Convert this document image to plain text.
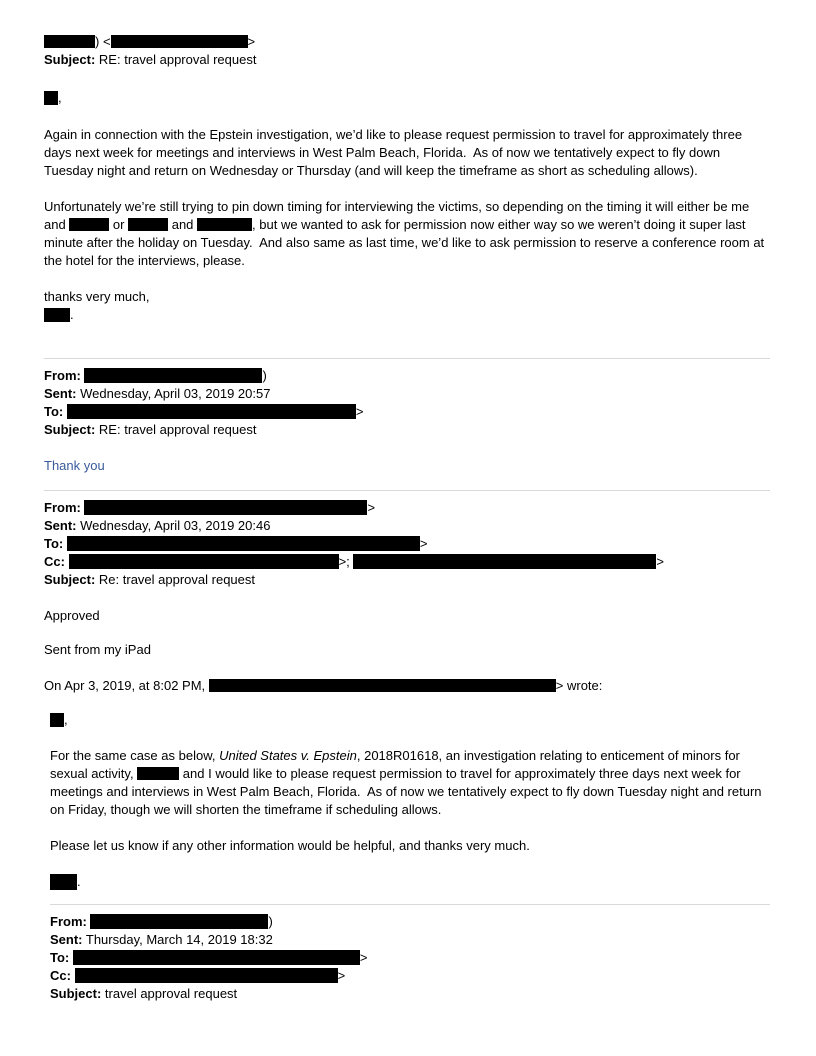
) <	>
Subject: RE: travel approval request
,

Again in connection with the Epstein investigation, we’d like to please request permission to travel for approximately three days next week for meetings and interviews in West Palm Beach, Florida.  As of now we tentatively expect to fly down Tuesday night and return on Wednesday or Thursday (and will keep the timeframe as short as scheduling allows).

Unfortunately we’re still trying to pin down timing for interviewing the victims, so depending on the timing it will either be me and	or	and	, but we wanted to ask for permission now either way so we weren’t doing it super last minute after the holiday on Tuesday.  And also same as last time, we’d like to ask permission to reserve a conference room at the hotel for the interviews, please.

thanks very much,

.
From:	)
Sent: Wednesday, April 03, 2019 20:57
To:	>
Subject: RE: travel approval request

Thank you

From:	>
Sent: Wednesday, April 03, 2019 20:46
To:	>
Cc:	>;	>
Subject: Re: travel approval request

Approved

Sent from my iPad

On Apr 3, 2019, at 8:02 PM,	> wrote:

,

For the same case as below, United States v. Epstein, 2018R01618, an investigation relating to enticement of minors for sexual activity,	and I would like to please request permission to travel for approximately three days next week for meetings and interviews in West Palm Beach, Florida.  As of now we tentatively expect to fly down Tuesday night and return on Friday, though we will shorten the timeframe if scheduling allows.

Please let us know if any other information would be helpful, and thanks very much.

.
From:	)
Sent: Thursday, March 14, 2019 18:32
To:	>
Cc:	>
Subject: travel approval request
